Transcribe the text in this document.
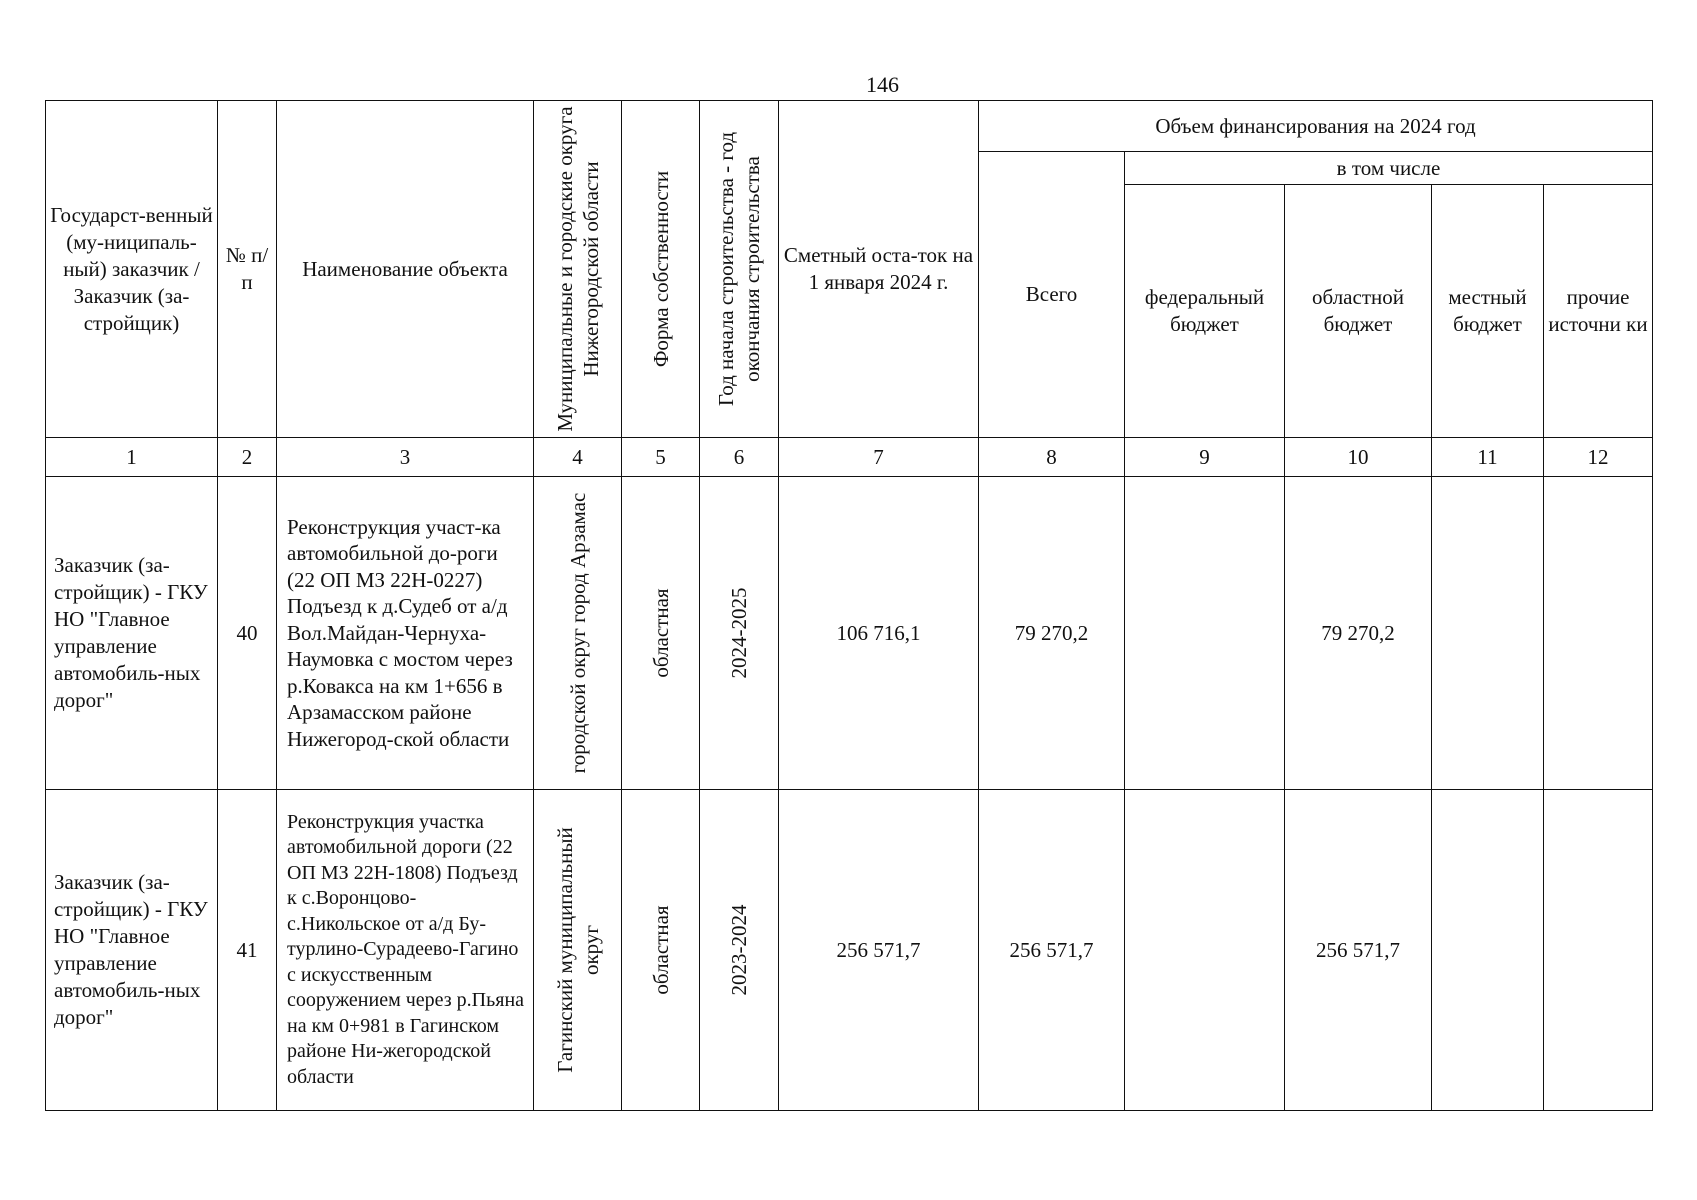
146
Государст-венный (му-ниципаль-ный) заказчик / Заказчик (за-стройщик)	№ п/п	Наименование объекта	Муниципальные и городские округа Нижегородской области	Форма собственности	Год начала строительства - год окончания строительства	Сметный оста-ток на 1 января 2024 г.	Объем финансирования на 2024 год				
							Всего	в том числе			

								федеральный бюджет	областной бюджет	местный бюджет	прочие источни ки

1	2	3	4	5	6	7	8	9	10	11	12

Заказчик (за-стройщик) - ГКУ НО "Главное управление автомобиль-ных дорог"	40	Реконструкция участ-ка автомобильной до-роги (22 ОП МЗ 22Н-0227) Подъезд к д.Судеб от а/д Вол.Майдан-Чернуха-Наумовка с мостом через р.Ковакса на км 1+656 в Арзамасском районе Нижегород-ской области	городской округ город Арзамас	областная	2024-2025	106 716,1	79 270,2		79 270,2		

Заказчик (за-стройщик) - ГКУ НО "Главное управление автомобиль-ных дорог"	41	Реконструкция участка автомобильной дороги (22 ОП МЗ 22Н-1808) Подъезд к с.Воронцово-с.Никольское от а/д Бу-турлино-Сурадеево-Гагино с искусственным сооружением через р.Пьяна на км 0+981 в Гагинском районе Ни-жегородской области	Гагинский муниципальный округ	областная	2023-2024	256 571,7	256 571,7		256 571,7		
